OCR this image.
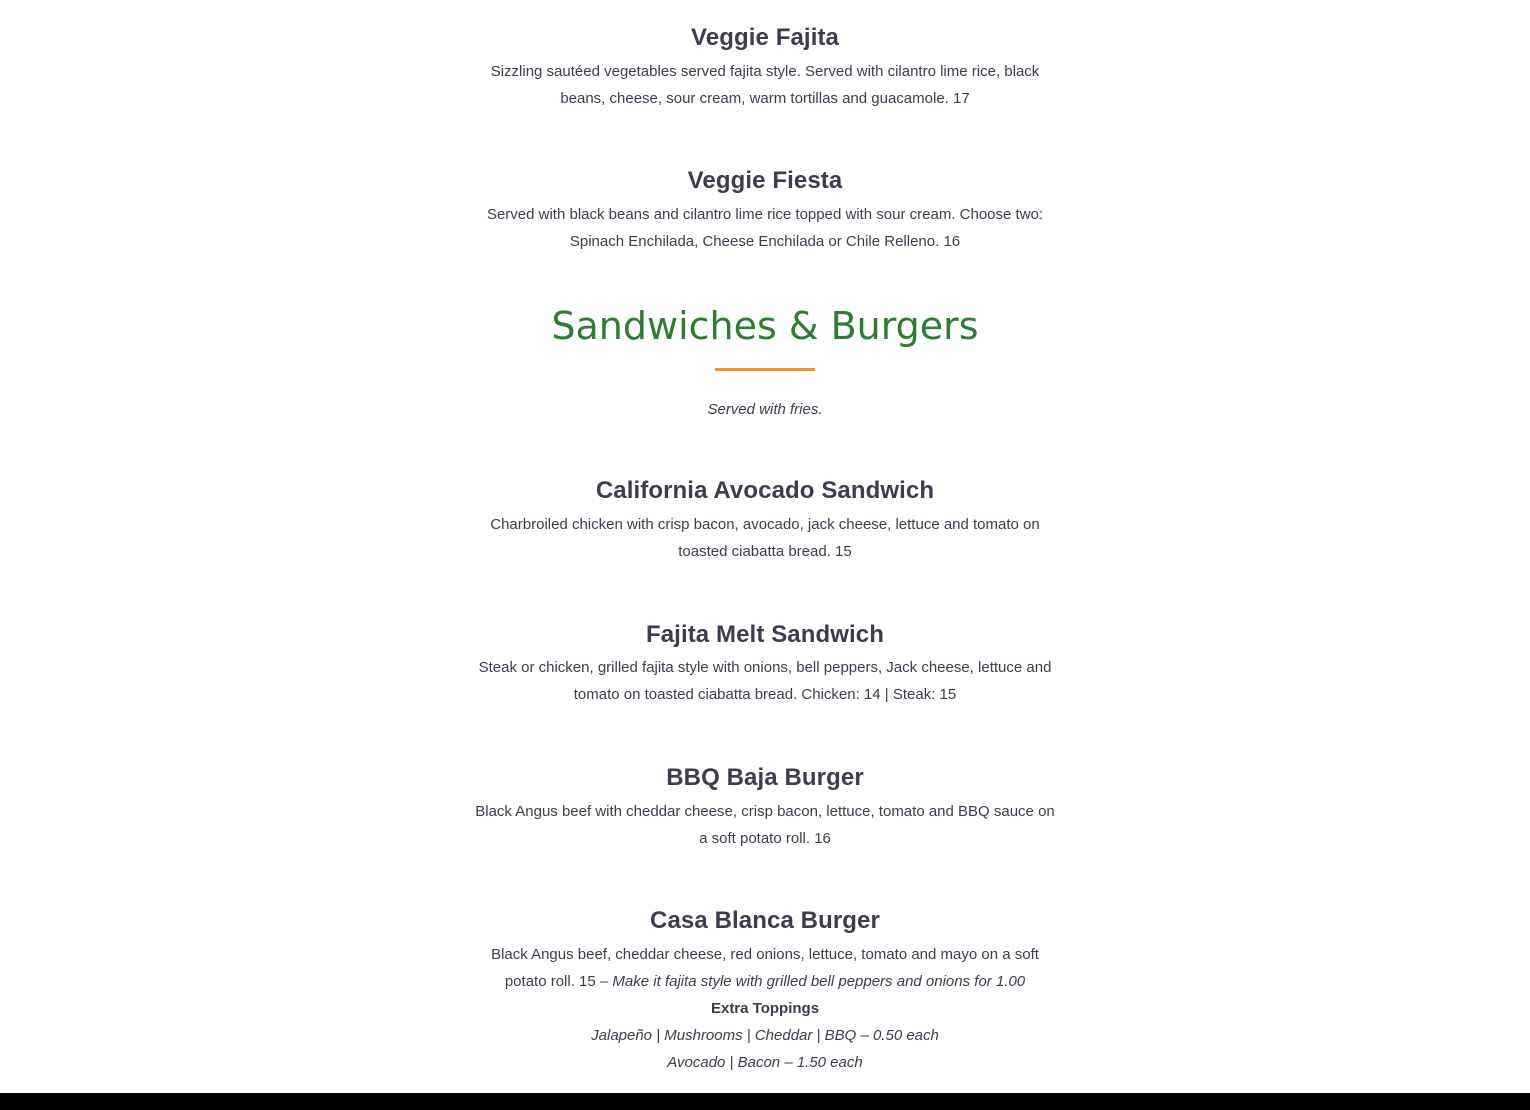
Veggie Fajita

Sizzling sautéed vegetables served fajita style. Served with cilantro lime rice, black beans, cheese, sour cream, warm tortillas and guacamole. 17

Veggie Fiesta

Served with black beans and cilantro lime rice topped with sour cream. Choose two: Spinach Enchilada, Cheese Enchilada or Chile Relleno. 16

Sandwiches & Burgers

Served with fries.

California Avocado Sandwich

Charbroiled chicken with crisp bacon, avocado, jack cheese, lettuce and tomato on toasted ciabatta bread. 15

Fajita Melt Sandwich

Steak or chicken, grilled fajita style with onions, bell peppers, Jack cheese, lettuce and tomato on toasted ciabatta bread. Chicken: 14 | Steak: 15

BBQ Baja Burger

Black Angus beef with cheddar cheese, crisp bacon, lettuce, tomato and BBQ sauce on a soft potato roll. 16

Casa Blanca Burger

Black Angus beef, cheddar cheese, red onions, lettuce, tomato and mayo on a soft potato roll. 15 – Make it fajita style with grilled bell peppers and onions for 1.00

Extra Toppings
Jalapeño | Mushrooms | Cheddar | BBQ – 0.50 each
Avocado | Bacon – 1.50 each
